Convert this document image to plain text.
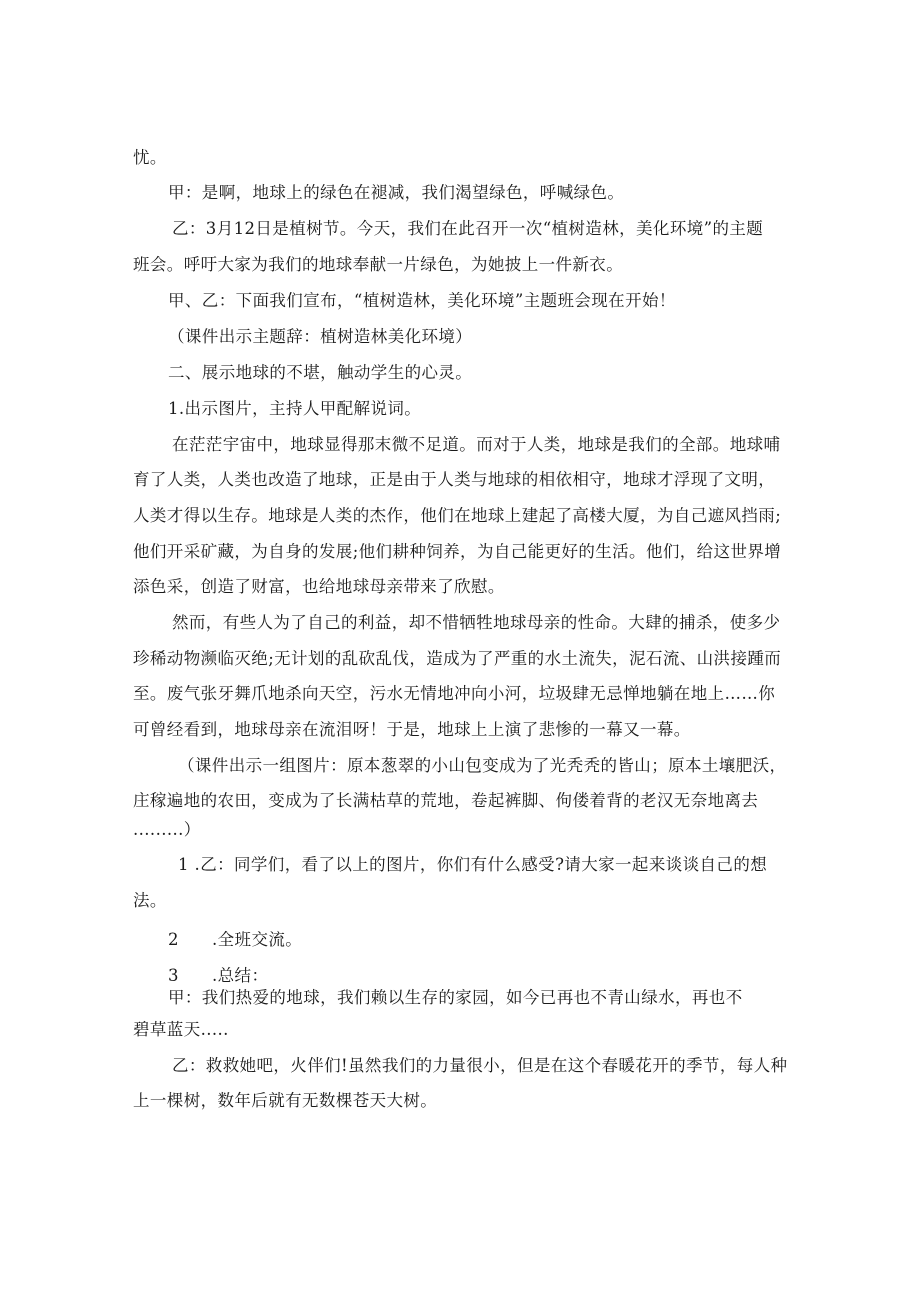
忧。
甲：是啊，地球上的绿色在褪减，我们渴望绿色，呼喊绿色。
乙：3月12日是植树节。今天，我们在此召开一次“植树造林，美化环境”的主题
班会。呼吁大家为我们的地球奉献一片绿色，为她披上一件新衣。
甲、乙：下面我们宣布，“植树造林，美化环境”主题班会现在开始！
（课件出示主题辞：植树造林美化环境）
二、展示地球的不堪，触动学生的心灵。
1.出示图片，主持人甲配解说词。
在茫茫宇宙中，地球显得那末微不足道。而对于人类，地球是我们的全部。地球哺
育了人类，人类也改造了地球，正是由于人类与地球的相依相守，地球才浮现了文明，
人类才得以生存。地球是人类的杰作，他们在地球上建起了高楼大厦，为自己遮风挡雨;
他们开采矿藏，为自身的发展;他们耕种饲养，为自己能更好的生活。他们，给这世界增
添色采，创造了财富，也给地球母亲带来了欣慰。
然而，有些人为了自己的利益，却不惜牺牲地球母亲的性命。大肆的捕杀，使多少
珍稀动物濒临灭绝;无计划的乱砍乱伐，造成为了严重的水土流失，泥石流、山洪接踵而
至。废气张牙舞爪地杀向天空，污水无情地冲向小河，垃圾肆无忌惮地躺在地上……你
可曾经看到，地球母亲在流泪呀！于是，地球上上演了悲惨的一幕又一幕。
（课件出示一组图片：原本葱翠的小山包变成为了光秃秃的皆山；原本土壤肥沃，
庄稼遍地的农田，变成为了长满枯草的荒地，卷起裤脚、佝偻着背的老汉无奈地离去
.........）
1 .乙：同学们，看了以上的图片，你们有什么感受?请大家一起来谈谈自己的想
法。
2 .全班交流。
3 .总结：
甲：我们热爱的地球，我们赖以生存的家园，如今已再也不青山绿水，再也不
碧草蓝天.....
乙：救救她吧，火伴们!虽然我们的力量很小，但是在这个春暖花开的季节，每人种
上一棵树，数年后就有无数棵苍天大树。
